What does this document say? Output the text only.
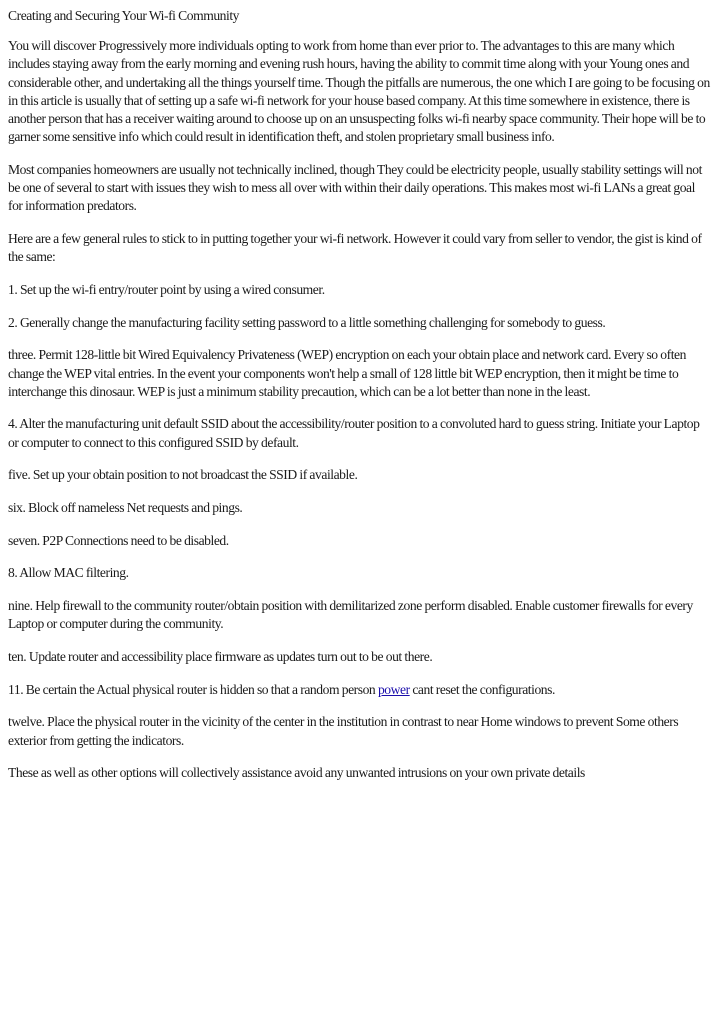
Creating and Securing Your Wi-fi Community

You will discover Progressively more individuals opting to work from home than ever prior to. The advantages to this are many which includes staying away from the early morning and evening rush hours, having the ability to commit time along with your Young ones and considerable other, and undertaking all the things yourself time. Though the pitfalls are numerous, the one which I are going to be focusing on in this article is usually that of setting up a safe wi-fi network for your house based company. At this time somewhere in existence, there is another person that has a receiver waiting around to choose up on an unsuspecting folks wi-fi nearby space community. Their hope will be to garner some sensitive info which could result in identification theft, and stolen proprietary small business info.

Most companies homeowners are usually not technically inclined, though They could be electricity people, usually stability settings will not be one of several to start with issues they wish to mess all over with within their daily operations. This makes most wi-fi LANs a great goal for information predators.

Here are a few general rules to stick to in putting together your wi-fi network. However it could vary from seller to vendor, the gist is kind of the same:

1. Set up the wi-fi entry/router point by using a wired consumer.

2. Generally change the manufacturing facility setting password to a little something challenging for somebody to guess.

three. Permit 128-little bit Wired Equivalency Privateness (WEP) encryption on each your obtain place and network card. Every so often change the WEP vital entries. In the event your components won't help a small of 128 little bit WEP encryption, then it might be time to interchange this dinosaur. WEP is just a minimum stability precaution, which can be a lot better than none in the least.

4. Alter the manufacturing unit default SSID about the accessibility/router position to a convoluted hard to guess string. Initiate your Laptop or computer to connect to this configured SSID by default.

five. Set up your obtain position to not broadcast the SSID if available.

six. Block off nameless Net requests and pings.

seven. P2P Connections need to be disabled.

8. Allow MAC filtering.

nine. Help firewall to the community router/obtain position with demilitarized zone perform disabled. Enable customer firewalls for every Laptop or computer during the community.

ten. Update router and accessibility place firmware as updates turn out to be out there.

11. Be certain the Actual physical router is hidden so that a random person power cant reset the configurations.

twelve. Place the physical router in the vicinity of the center in the institution in contrast to near Home windows to prevent Some others exterior from getting the indicators.

These as well as other options will collectively assistance avoid any unwanted intrusions on your own private details
